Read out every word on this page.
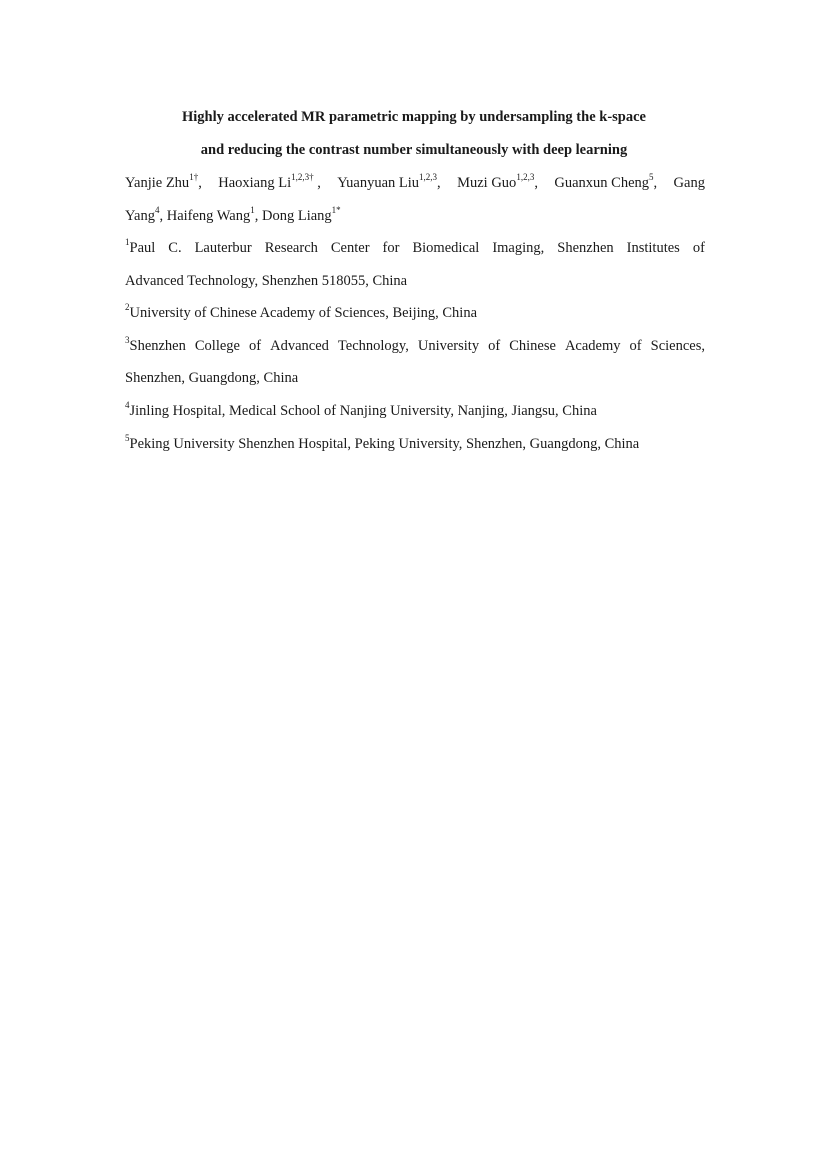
Highly accelerated MR parametric mapping by undersampling the k-space
and reducing the contrast number simultaneously with deep learning
Yanjie Zhu$^{1\dagger}$, Haoxiang $Li^{1,2,3\dagger}$ , Yuanyuan Liu$^{1,2,3}$, Muzi Guo$^{1,2,3}$, Guanxun Cheng$^5$, Gang
Yang$^4$, Haifeng Wang$^1$, Dong Liang$^{1*}$
$^1$Paul C. Lauterbur Research Center for Biomedical Imaging, Shenzhen Institutes of
Advanced Technology, Shenzhen 518055, China
$^2$University of Chinese Academy of Sciences, Beijing, China
$^3$Shenzhen College of Advanced Technology, University of Chinese Academy of Sciences,
Shenzhen, Guangdong, China
$^4$Jinling Hospital, Medical School of Nanjing University, Nanjing, Jiangsu, China
$^5$Peking University Shenzhen Hospital, Peking University, Shenzhen, Guangdong, China
